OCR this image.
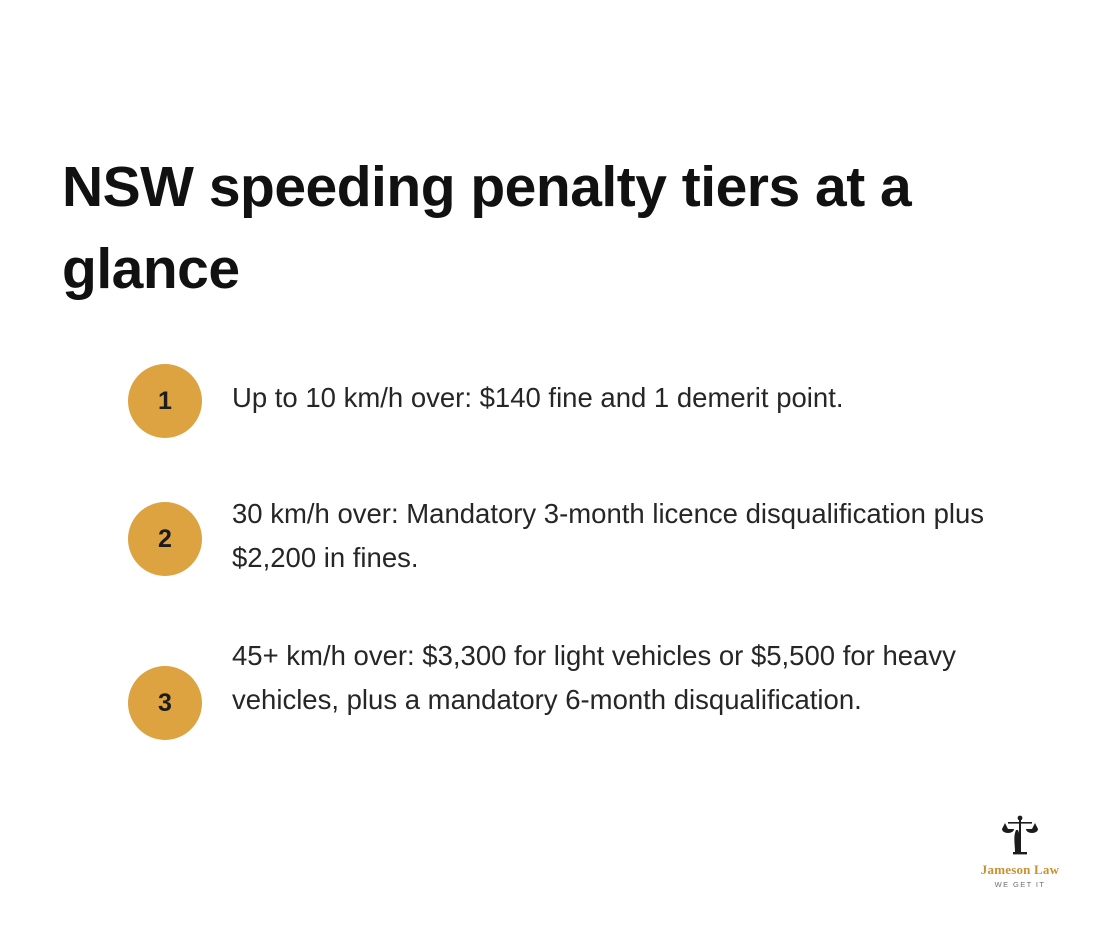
NSW speeding penalty tiers at a glance
1	Up to 10 km/h over: $140 fine and 1 demerit point.
2
30 km/h over: Mandatory 3-month licence disqualification plus $2,200 in fines.
3
45+ km/h over: $3,300 for light vehicles or $5,500 for heavy vehicles, plus a mandatory 6-month disqualification.
Jameson Law
WE GET IT
